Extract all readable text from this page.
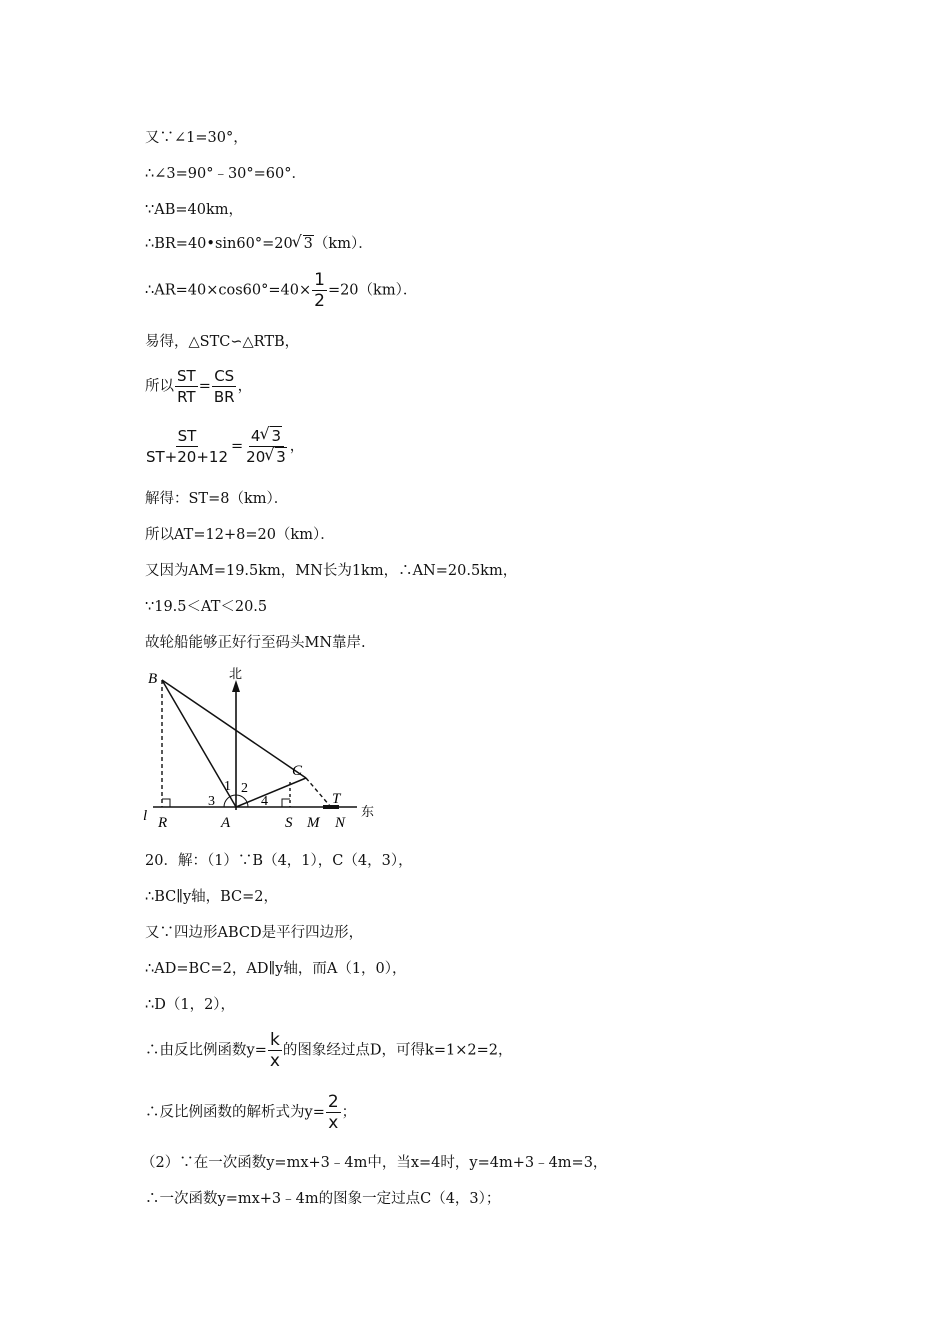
又∵∠1=30°，
∴∠3=90°﹣30°=60°．
∵AB=40km，
∴BR=40•sin60°=20 √ 3（km）．
∴AR=40×cos60°=40× $\frac{1}{2} =20(km)$．
易得，△STC∽△RTB，
所以 $\frac{ST}{RT} = \frac{CS}{BR}$ ，
$\frac{ST}{ST+20+12} = \frac{4 √ 3}{20 √ 3}$ ，
解得：ST=8（km）．
所以AT=12+8=20（km）．
又因为AM=19.5km，MN长为1km，∴AN=20.5km，
∵19.5＜AT＜20.5
故轮船能够正好行至码头MN靠岸.
北
东
B
C
T
l R	A	S M N
1 2
3	4
20．解：（1）∵B（4，1），C（4，3），
∴BC∥y轴，BC=2，
又∵四边形ABCD是平行四边形，
∴AD=BC=2，AD∥y轴，而A（1，0），
∴D（1，2），
∴由反比例函数$y= \frac{k}{x}$ 的图象经过点D，可得k=1×2=2，
∴反比例函数的解析式为$y= \frac{2}{x}$ ；
（2）∵在一次函数y=mx+3﹣4m中，当x=4时，y=4m+3﹣4m=3，
∴一次函数y=mx+3﹣4m的图象一定过点C（4，3）；
